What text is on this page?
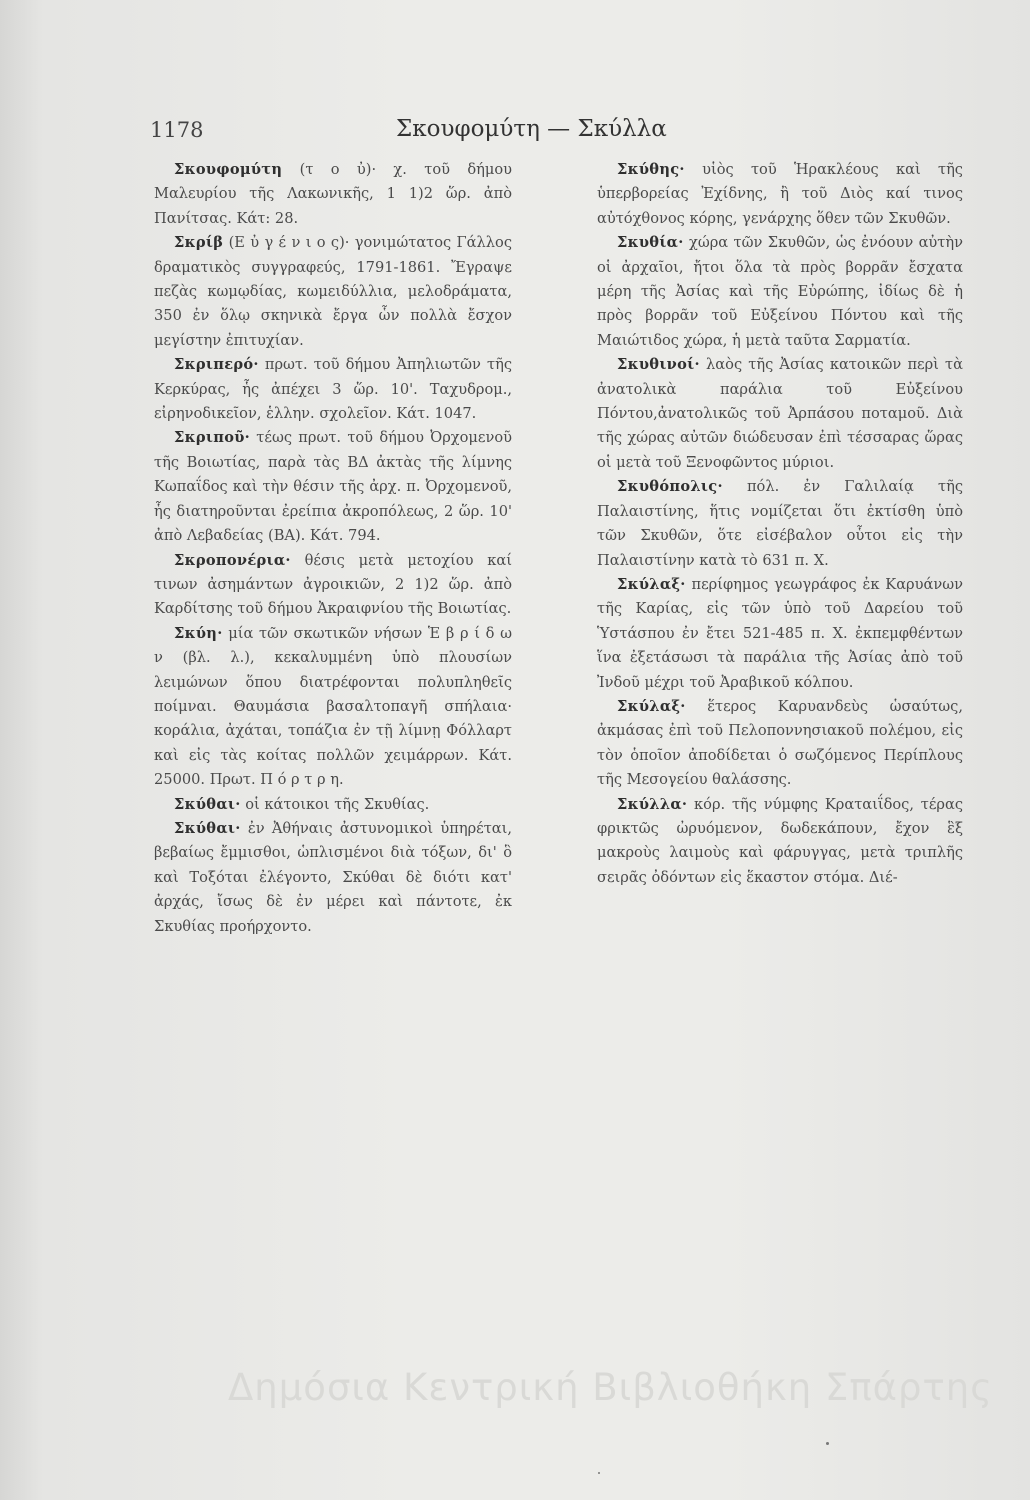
1178	Σκουφομύτη — Σκύλλα

Σκουφομύτη (τ ο ὐ)· χ. τοῦ δήμου Μαλευρίου τῆς Λακωνικῆς, 1 1)2 ὥρ. ἀπὸ Πανίτσας. Κάτ: 28.

Σκρίβ (Ε ὐ γ έ ν ι ο ς)· γονιμώτατος Γάλλος δραματικὸς συγγραφεύς, 1791-1861. Ἔγραψε πεζὰς κωμῳδίας, κωμειδύλλια, μελοδράματα, 350 ἐν ὅλῳ σκηνικὰ ἔργα ὧν πολλὰ ἔσχον μεγίστην ἐπιτυχίαν.

Σκριπερό· πρωτ. τοῦ δήμου Ἀπηλιωτῶν τῆς Κερκύρας, ἧς ἀπέχει 3 ὥρ. 10'. Ταχυδρομ., εἰρηνοδικεῖον, ἑλλην. σχολεῖον. Κάτ. 1047.

Σκριποῦ· τέως πρωτ. τοῦ δήμου Ὀρχομενοῦ τῆς Βοιωτίας, παρὰ τὰς ΒΔ ἀκτὰς τῆς λίμνης Κωπαΐδος καὶ τὴν θέσιν τῆς ἀρχ. π. Ὀρχομενοῦ, ἧς διατηροῦνται ἐρείπια ἀκροπόλεως, 2 ὥρ. 10' ἀπὸ Λεβαδείας (ΒΑ). Κάτ. 794.

Σκροπονέρια· θέσις μετὰ μετοχίου καί τινων ἀσημάντων ἀγροικιῶν, 2 1)2 ὥρ. ἀπὸ Καρδίτσης τοῦ δήμου Ἀκραιφνίου τῆς Βοιωτίας.

Σκύη· μία τῶν σκωτικῶν νήσων Ἑ β ρ ί δ ω ν (βλ. λ.), κεκαλυμμένη ὑπὸ πλουσίων λειμώνων ὅπου διατρέφονται πολυπληθεῖς ποίμναι. Θαυμάσια βασαλτοπαγῆ σπήλαια· κοράλια, ἀχάται, τοπάζια ἐν τῇ λίμνῃ Φόλλαρτ καὶ εἰς τὰς κοίτας πολλῶν χειμάρρων. Κάτ. 25000. Πρωτ. Π ό ρ τ ρ η.

Σκύθαι· οἱ κάτοικοι τῆς Σκυθίας.

Σκύθαι· ἐν Ἀθήναις ἀστυνομικοὶ ὑπηρέται, βεβαίως ἔμμισθοι, ὡπλισμένοι διὰ τόξων, δι' ὃ καὶ Τοξόται ἐλέγοντο, Σκύθαι δὲ διότι κατ' ἀρχάς, ἴσως δὲ ἐν μέρει καὶ πάντοτε, ἐκ Σκυθίας προήρχοντο.

Σκύθης· υἱὸς τοῦ Ἡρακλέους καὶ τῆς ὑπερβορείας Ἐχίδνης, ἢ τοῦ Διὸς καί τινος αὐτόχθονος κόρης, γενάρχης ὅθεν τῶν Σκυθῶν.

Σκυθία· χώρα τῶν Σκυθῶν, ὡς ἐνόουν αὐτὴν οἱ ἀρχαῖοι, ἤτοι ὅλα τὰ πρὸς βορρᾶν ἔσχατα μέρη τῆς Ἀσίας καὶ τῆς Εὐρώπης, ἰδίως δὲ ἡ πρὸς βορρᾶν τοῦ Εὐξείνου Πόντου καὶ τῆς Μαιώτιδος χώρα, ἡ μετὰ ταῦτα Σαρματία.

Σκυθινοί· λαὸς τῆς Ἀσίας κατοικῶν περὶ τὰ ἀνατολικὰ παράλια τοῦ Εὐξείνου Πόντου,ἀνατολικῶς τοῦ Ἀρπάσου ποταμοῦ. Διὰ τῆς χώρας αὐτῶν διώδευσαν ἐπὶ τέσσαρας ὥρας οἱ μετὰ τοῦ Ξενοφῶντος μύριοι.

Σκυθόπολις· πόλ. ἐν Γαλιλαίᾳ τῆς Παλαιστίνης, ἥτις νομίζεται ὅτι ἐκτίσθη ὑπὸ τῶν Σκυθῶν, ὅτε εἰσέβαλον οὗτοι εἰς τὴν Παλαιστίνην κατὰ τὸ 631 π. Χ.

Σκύλαξ· περίφημος γεωγράφος ἐκ Καρυάνων τῆς Καρίας, εἰς τῶν ὑπὸ τοῦ Δαρείου τοῦ Ὑστάσπου ἐν ἔτει 521-485 π. Χ. ἐκπεμφθέντων ἵνα ἐξετάσωσι τὰ παράλια τῆς Ἀσίας ἀπὸ τοῦ Ἰνδοῦ μέχρι τοῦ Ἀραβικοῦ κόλπου.

Σκύλαξ· ἕτερος Καρυανδεὺς ὡσαύτως, ἀκμάσας ἐπὶ τοῦ Πελοποννησιακοῦ πολέμου, εἰς τὸν ὁποῖον ἀποδίδεται ὁ σωζόμενος Περίπλους τῆς Μεσογείου θαλάσσης.

Σκύλλα· κόρ. τῆς νύμφης Κραταιΐδος, τέρας φρικτῶς ὠρυόμενον, δωδεκάπουν, ἔχον ἓξ μακροὺς λαιμοὺς καὶ φάρυγγας, μετὰ τριπλῆς σειρᾶς ὀδόντων εἰς ἕκαστον στόμα. Διέ-

Δημόσια Κεντρική Βιβλιοθήκη Σπάρτης
